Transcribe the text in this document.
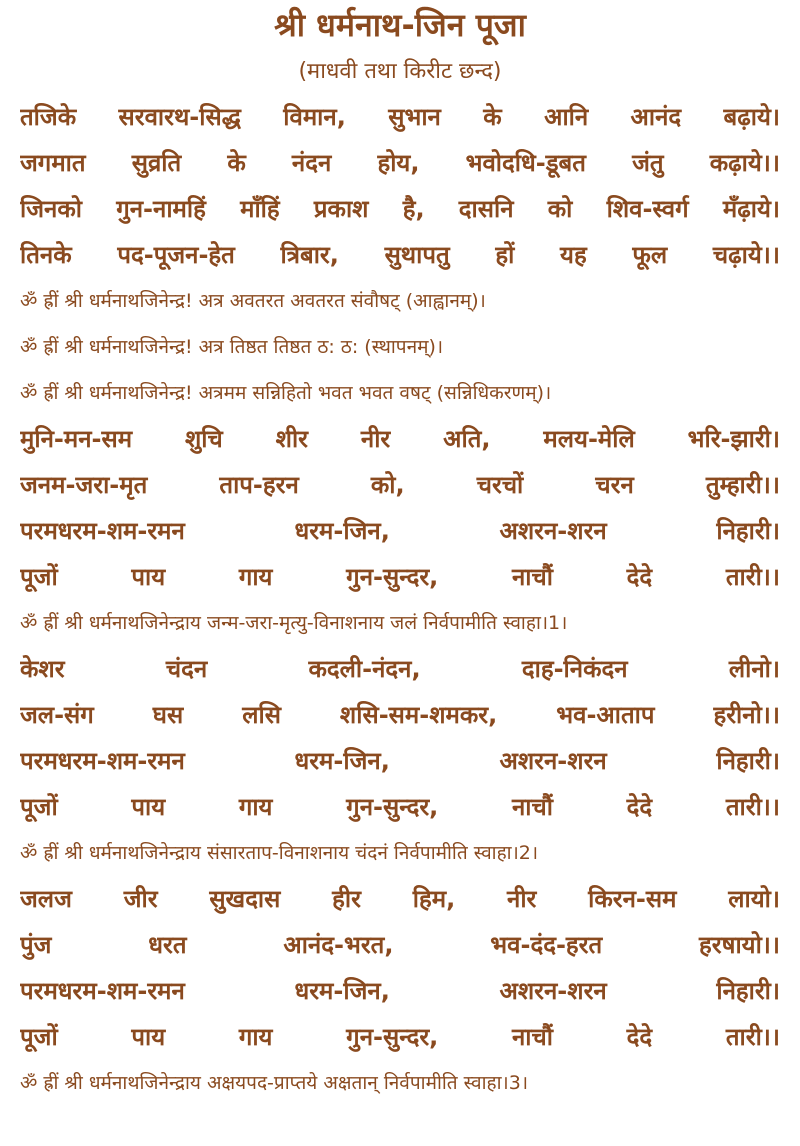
श्री धर्मनाथ-जिन पूजा
(माधवी तथा किरीट छन्द)
तजिके सरवारथ-सिद्ध विमान, सुभान के आनि आनंद बढ़ाये।
जगमात सुव्रति के नंदन होय, भवोदधि-डूबत जंतु कढ़ाये।।
जिनको गुन-नामहिं माँहिं प्रकाश है, दासनि को शिव-स्वर्ग मँढ़ाये।
तिनके पद-पूजन-हेत त्रिबार, सुथापतु हों यह फूल चढ़ाये।।
ॐ ह्रीं श्री धर्मनाथजिनेन्द्र! अत्र अवतरत अवतरत संवौषट् (आह्वानम्)।
ॐ ह्रीं श्री धर्मनाथजिनेन्द्र! अत्र तिष्ठत तिष्ठत ठ: ठ: (स्थापनम्)।
ॐ ह्रीं श्री धर्मनाथजिनेन्द्र! अत्रमम सन्निहितो भवत भवत वषट् (सन्निधिकरणम्)।
मुनि-मन-सम शुचि शीर नीर अति, मलय-मेलि भरि-झारी।
जनम-जरा-मृत ताप-हरन को, चरचों चरन तुम्हारी।।
परमधरम-शम-रमन धरम-जिन, अशरन-शरन निहारी।
पूजों पाय गाय गुन-सुन्दर, नाचौं देदे तारी।।
ॐ ह्रीं श्री धर्मनाथजिनेन्द्राय जन्म-जरा-मृत्यु-विनाशनाय जलं निर्वपामीति स्वाहा।1।
केशर चंदन कदली-नंदन, दाह-निकंदन लीनो।
जल-संग घस लसि शसि-सम-शमकर, भव-आताप हरीनो।।
परमधरम-शम-रमन धरम-जिन, अशरन-शरन निहारी।
पूजों पाय गाय गुन-सुन्दर, नाचौं देदे तारी।।
ॐ ह्रीं श्री धर्मनाथजिनेन्द्राय संसारताप-विनाशनाय चंदनं निर्वपामीति स्वाहा।2।
जलज जीर सुखदास हीर हिम, नीर किरन-सम लायो।
पुंज धरत आनंद-भरत, भव-दंद-हरत हरषायो।।
परमधरम-शम-रमन धरम-जिन, अशरन-शरन निहारी।
पूजों पाय गाय गुन-सुन्दर, नाचौं देदे तारी।।
ॐ ह्रीं श्री धर्मनाथजिनेन्द्राय अक्षयपद-प्राप्तये अक्षतान् निर्वपामीति स्वाहा।3।
